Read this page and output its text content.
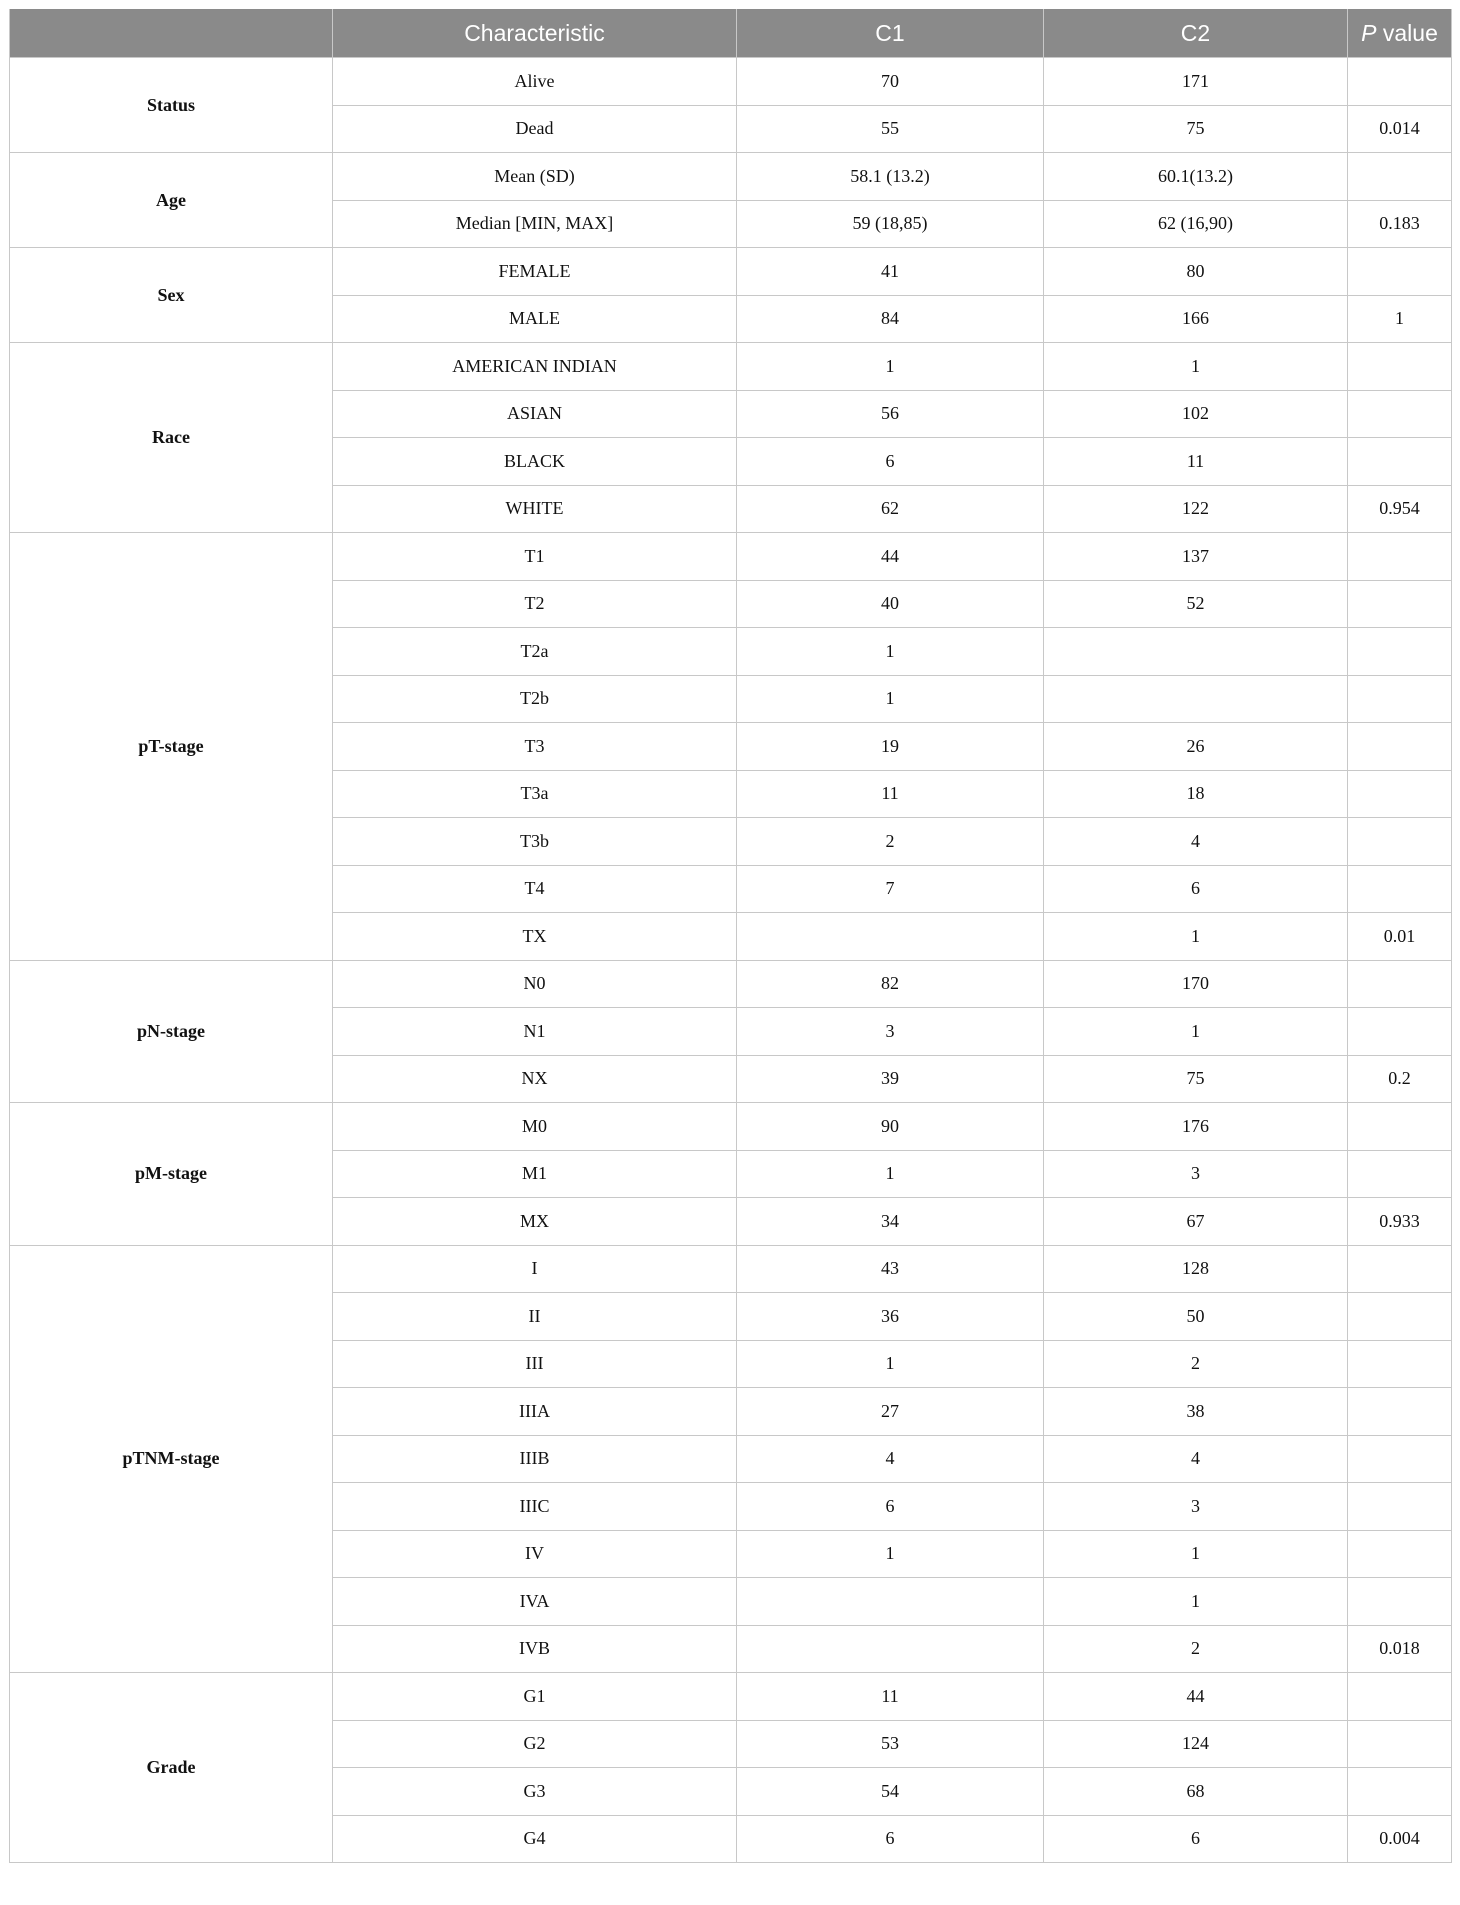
	Characteristic	C1	C2	P value
Status	Alive	70	171	
	Dead	55	75	0.014
Age	Mean (SD)	58.1 (13.2)	60.1(13.2)	
	Median [MIN, MAX]	59 (18,85)	62 (16,90)	0.183
Sex	FEMALE	41	80	
	MALE	84	166	1
Race	AMERICAN INDIAN	1	1	
	ASIAN	56	102	
	BLACK	6	11	
	WHITE	62	122	0.954
pT-stage	T1	44	137	
	T2	40	52	
	T2a	1		
	T2b	1		
	T3	19	26	
	T3a	11	18	
	T3b	2	4	
	T4	7	6	
	TX		1	0.01
pN-stage	N0	82	170	
	N1	3	1	
	NX	39	75	0.2
pM-stage	M0	90	176	
	M1	1	3	
	MX	34	67	0.933
pTNM-stage	I	43	128	
	II	36	50	
	III	1	2	
	IIIA	27	38	
	IIIB	4	4	
	IIIC	6	3	
	IV	1	1	
	IVA		1	
	IVB		2	0.018
Grade	G1	11	44	
	G2	53	124	
	G3	54	68	
	G4	6	6	0.004
